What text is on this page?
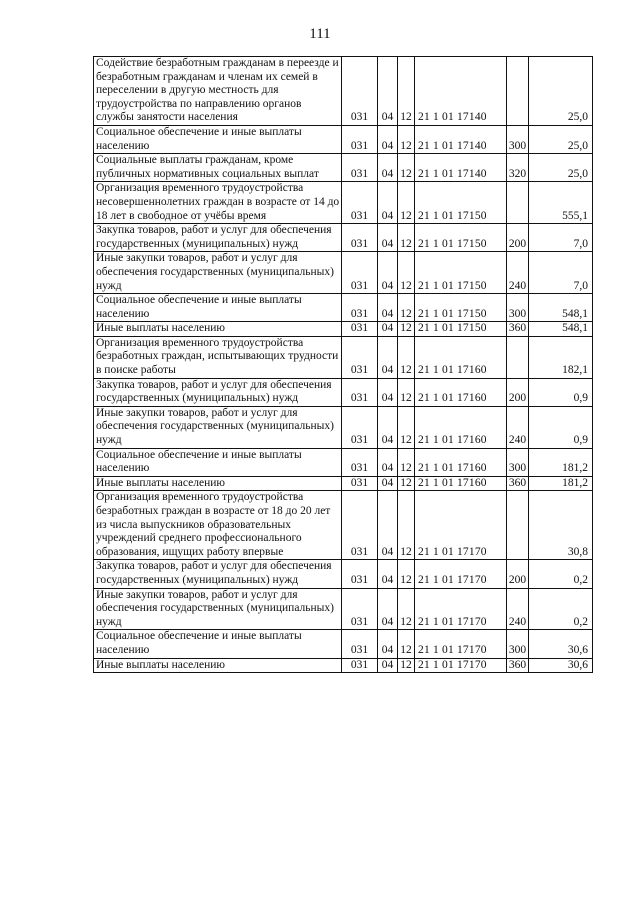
111
Содействие безработным гражданам в переезде и безработным гражданам и членам их семей в переселении в другую местность для трудоустройства по направлению органов службы занятости населения	031	04	12	21 1 01 17140		25,0
Социальное обеспечение и иные выплаты населению	031	04	12	21 1 01 17140	300	25,0
Социальные выплаты гражданам, кроме публичных нормативных социальных выплат	031	04	12	21 1 01 17140	320	25,0
Организация временного трудоустройства несовершеннолетних граждан в возрасте от 14 до 18 лет в свободное от учёбы время	031	04	12	21 1 01 17150		555,1
Закупка товаров, работ и услуг для обеспечения государственных (муниципальных) нужд	031	04	12	21 1 01 17150	200	7,0
Иные закупки товаров, работ и услуг для обеспечения государственных (муниципальных) нужд	031	04	12	21 1 01 17150	240	7,0
Социальное обеспечение и иные выплаты населению	031	04	12	21 1 01 17150	300	548,1
Иные выплаты населению	031	04	12	21 1 01 17150	360	548,1
Организация временного трудоустройства безработных граждан, испытывающих трудности в поиске работы	031	04	12	21 1 01 17160		182,1
Закупка товаров, работ и услуг для обеспечения государственных (муниципальных) нужд	031	04	12	21 1 01 17160	200	0,9
Иные закупки товаров, работ и услуг для обеспечения государственных (муниципальных) нужд	031	04	12	21 1 01 17160	240	0,9
Социальное обеспечение и иные выплаты населению	031	04	12	21 1 01 17160	300	181,2
Иные выплаты населению	031	04	12	21 1 01 17160	360	181,2
Организация временного трудоустройства безработных граждан в возрасте от 18 до 20 лет из числа выпускников образовательных учреждений среднего профессионального образования, ищущих работу впервые	031	04	12	21 1 01 17170		30,8
Закупка товаров, работ и услуг для обеспечения государственных (муниципальных) нужд	031	04	12	21 1 01 17170	200	0,2
Иные закупки товаров, работ и услуг для обеспечения государственных (муниципальных) нужд	031	04	12	21 1 01 17170	240	0,2
Социальное обеспечение и иные выплаты населению	031	04	12	21 1 01 17170	300	30,6
Иные выплаты населению	031	04	12	21 1 01 17170	360	30,6
